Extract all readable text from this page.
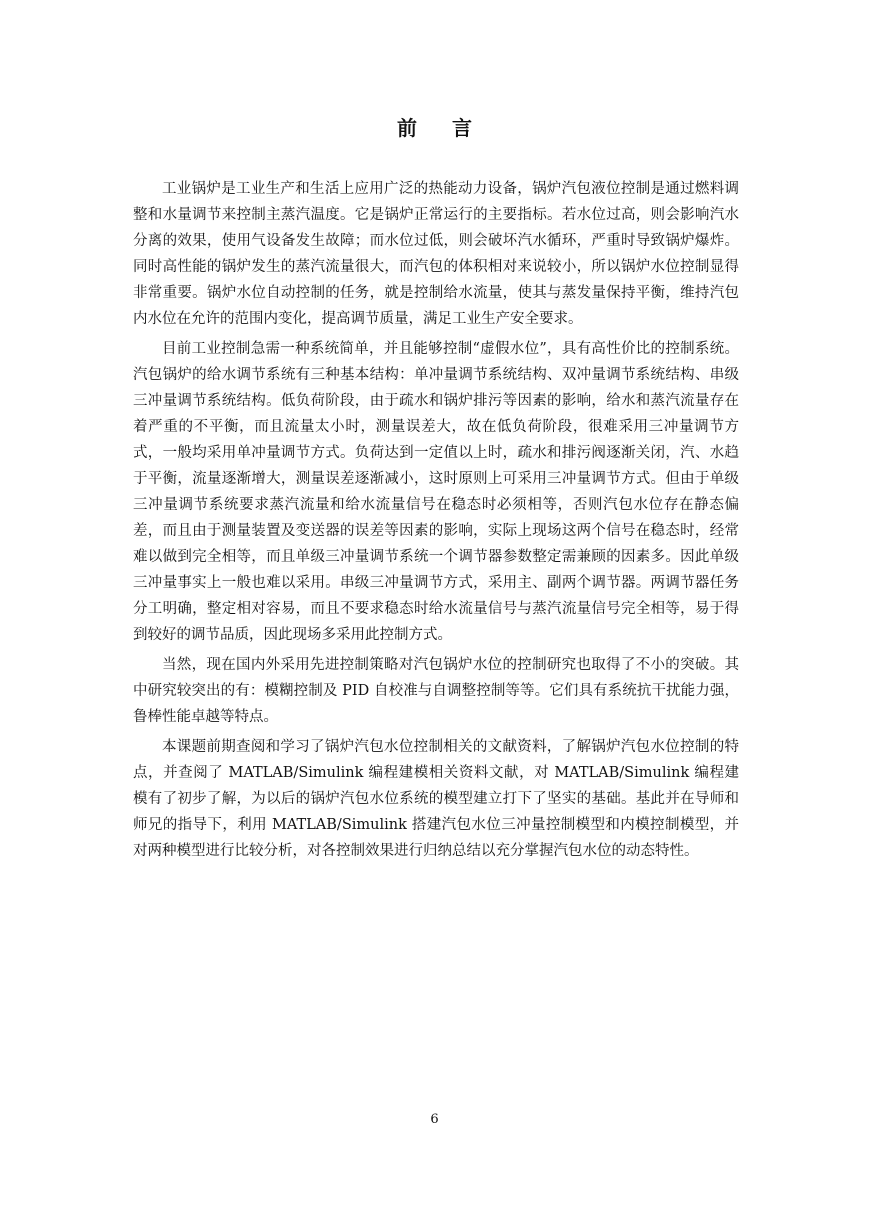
前 言

工业锅炉是工业生产和生活上应用广泛的热能动力设备，锅炉汽包液位控制是通过燃料调整和水量调节来控制主蒸汽温度。它是锅炉正常运行的主要指标。若水位过高，则会影响汽水分离的效果，使用气设备发生故障；而水位过低，则会破坏汽水循环，严重时导致锅炉爆炸。同时高性能的锅炉发生的蒸汽流量很大，而汽包的体积相对来说较小，所以锅炉水位控制显得非常重要。锅炉水位自动控制的任务，就是控制给水流量，使其与蒸发量保持平衡，维持汽包内水位在允许的范围内变化，提高调节质量，满足工业生产安全要求。

目前工业控制急需一种系统简单，并且能够控制“虚假水位”，具有高性价比的控制系统。汽包锅炉的给水调节系统有三种基本结构：单冲量调节系统结构、双冲量调节系统结构、串级三冲量调节系统结构。低负荷阶段，由于疏水和锅炉排污等因素的影响，给水和蒸汽流量存在着严重的不平衡，而且流量太小时，测量误差大，故在低负荷阶段，很难采用三冲量调节方式，一般均采用单冲量调节方式。负荷达到一定值以上时，疏水和排污阀逐渐关闭，汽、水趋于平衡，流量逐渐增大，测量误差逐渐减小，这时原则上可采用三冲量调节方式。但由于单级三冲量调节系统要求蒸汽流量和给水流量信号在稳态时必须相等，否则汽包水位存在静态偏差，而且由于测量装置及变送器的误差等因素的影响，实际上现场这两个信号在稳态时，经常难以做到完全相等，而且单级三冲量调节系统一个调节器参数整定需兼顾的因素多。因此单级三冲量事实上一般也难以采用。串级三冲量调节方式，采用主、副两个调节器。两调节器任务分工明确，整定相对容易，而且不要求稳态时给水流量信号与蒸汽流量信号完全相等，易于得到较好的调节品质，因此现场多采用此控制方式。

当然，现在国内外采用先进控制策略对汽包锅炉水位的控制研究也取得了不小的突破。其中研究较突出的有：模糊控制及 PID 自校准与自调整控制等等。它们具有系统抗干扰能力强，鲁棒性能卓越等特点。

本课题前期查阅和学习了锅炉汽包水位控制相关的文献资料，了解锅炉汽包水位控制的特点，并查阅了 MATLAB/Simulink 编程建模相关资料文献，对 MATLAB/Simulink 编程建模有了初步了解，为以后的锅炉汽包水位系统的模型建立打下了坚实的基础。基此并在导师和师兄的指导下，利用 MATLAB/Simulink 搭建汽包水位三冲量控制模型和内模控制模型，并对两种模型进行比较分析，对各控制效果进行归纳总结以充分掌握汽包水位的动态特性。

6
